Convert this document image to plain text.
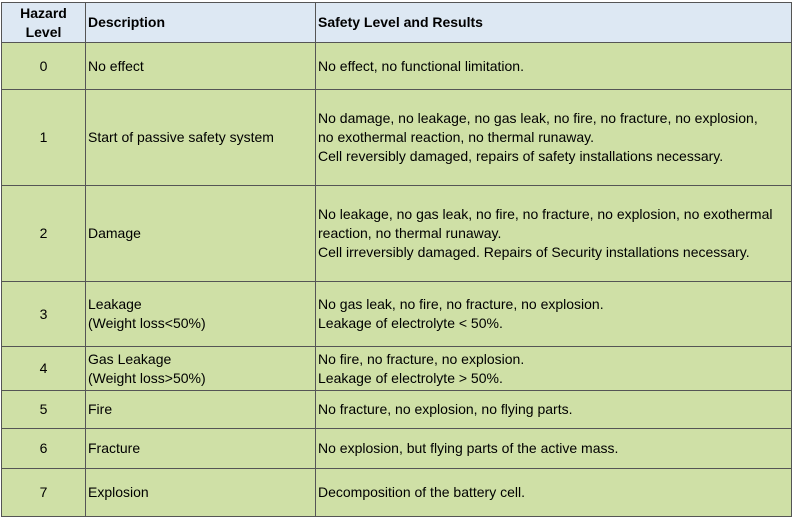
Hazard
Level	Description	Safety Level and Results
0	No effect	No effect, no functional limitation.

1	Start of passive safety system	No damage, no leakage, no gas leak, no fire, no fracture, no explosion,
no exothermal reaction, no thermal runaway.
Cell reversibly damaged, repairs of safety installations necessary.

2	Damage	No leakage, no gas leak, no fire, no fracture, no explosion, no exothermal
reaction, no thermal runaway.
Cell irreversibly damaged. Repairs of Security installations necessary.

3	Leakage
(Weight loss<50%)	No gas leak, no fire, no fracture, no explosion.
Leakage of electrolyte < 50%.

4	Gas Leakage
(Weight loss>50%)	No fire, no fracture, no explosion.
Leakage of electrolyte > 50%.

5	Fire	No fracture, no explosion, no flying parts.

6	Fracture	No explosion, but flying parts of the active mass.

7	Explosion	Decomposition of the battery cell.
